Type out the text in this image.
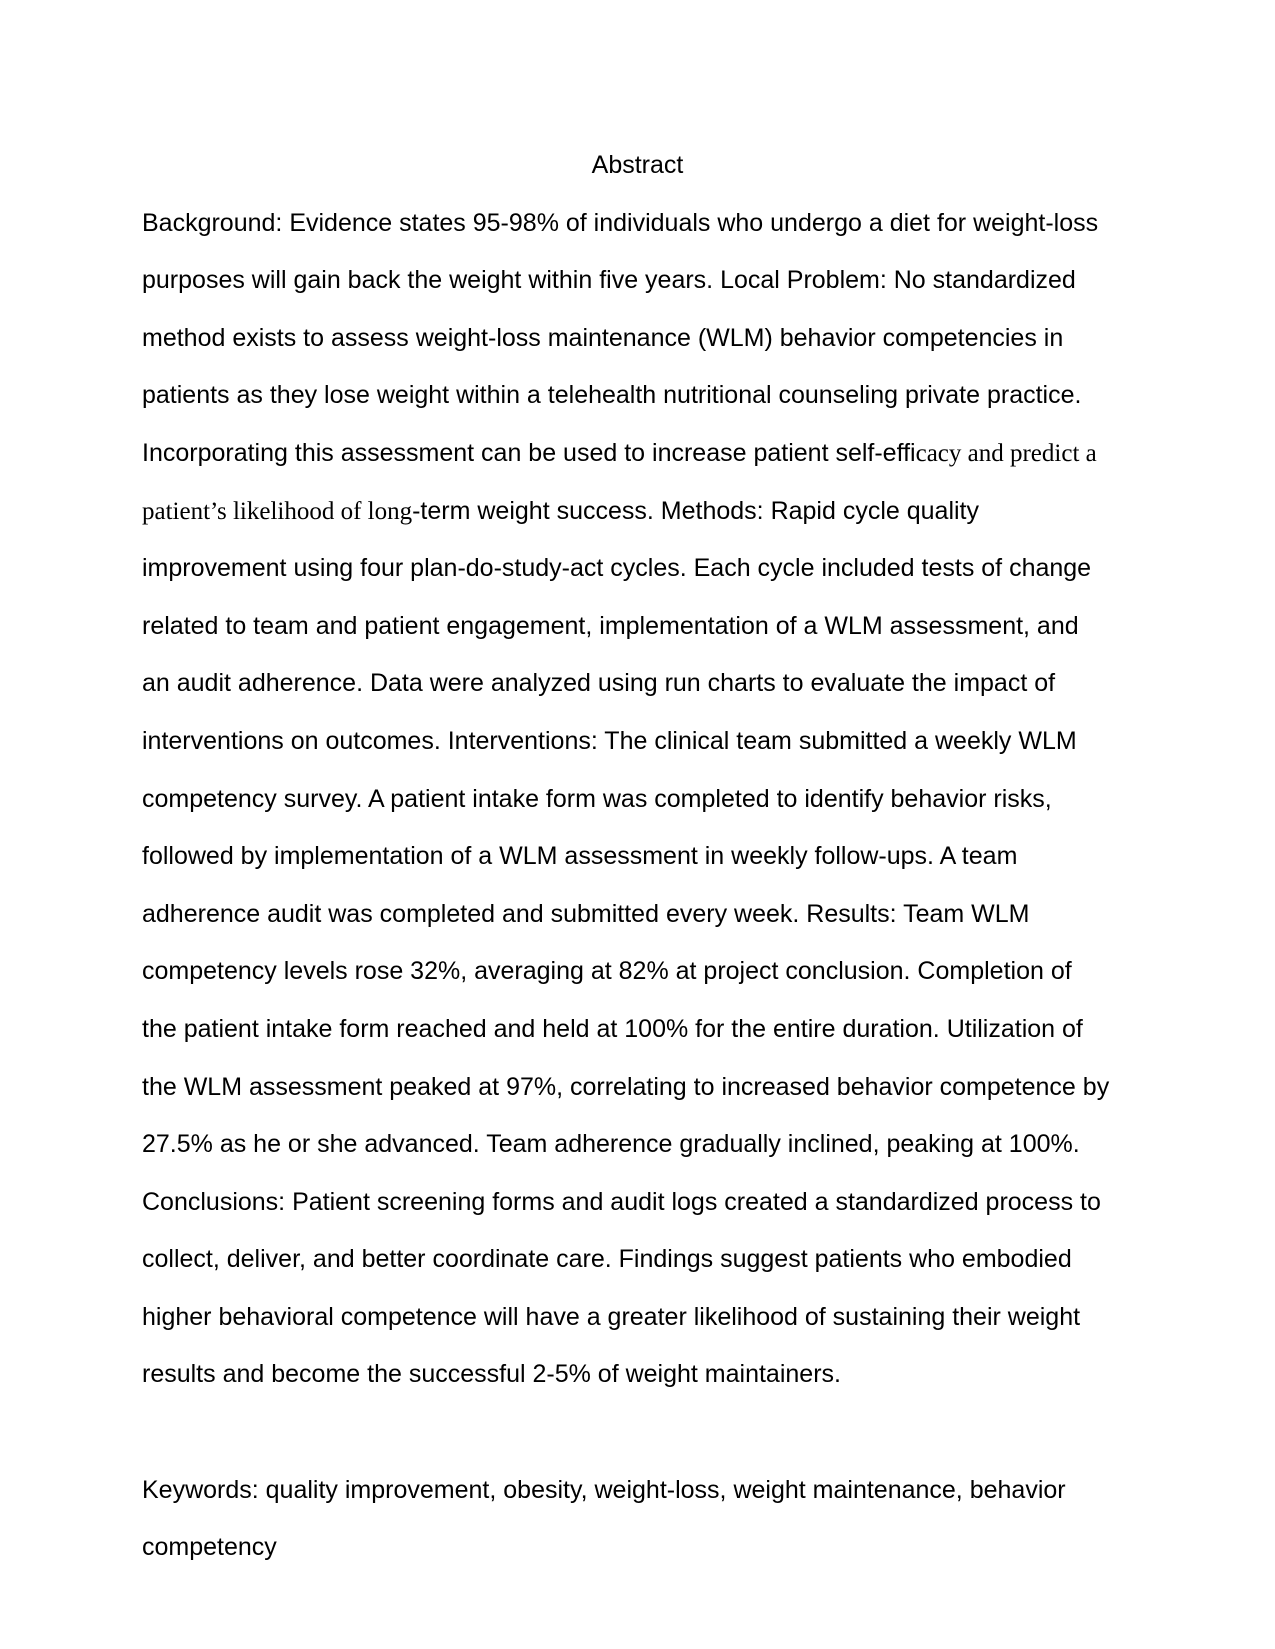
Abstract

Background: Evidence states 95-98% of individuals who undergo a diet for weight-loss purposes will gain back the weight within five years. Local Problem: No standardized method exists to assess weight-loss maintenance (WLM) behavior competencies in patients as they lose weight within a telehealth nutritional counseling private practice. Incorporating this assessment can be used to increase patient self-efficacy and predict a patient’s likelihood of long-term weight success. Methods: Rapid cycle quality improvement using four plan-do-study-act cycles. Each cycle included tests of change related to team and patient engagement, implementation of a WLM assessment, and an audit adherence. Data were analyzed using run charts to evaluate the impact of interventions on outcomes. Interventions: The clinical team submitted a weekly WLM competency survey. A patient intake form was completed to identify behavior risks, followed by implementation of a WLM assessment in weekly follow-ups. A team adherence audit was completed and submitted every week. Results: Team WLM competency levels rose 32%, averaging at 82% at project conclusion. Completion of the patient intake form reached and held at 100% for the entire duration. Utilization of the WLM assessment peaked at 97%, correlating to increased behavior competence by 27.5% as he or she advanced. Team adherence gradually inclined, peaking at 100%. Conclusions: Patient screening forms and audit logs created a standardized process to collect, deliver, and better coordinate care. Findings suggest patients who embodied higher behavioral competence will have a greater likelihood of sustaining their weight results and become the successful 2-5% of weight maintainers.

Keywords: quality improvement, obesity, weight-loss, weight maintenance, behavior competency
